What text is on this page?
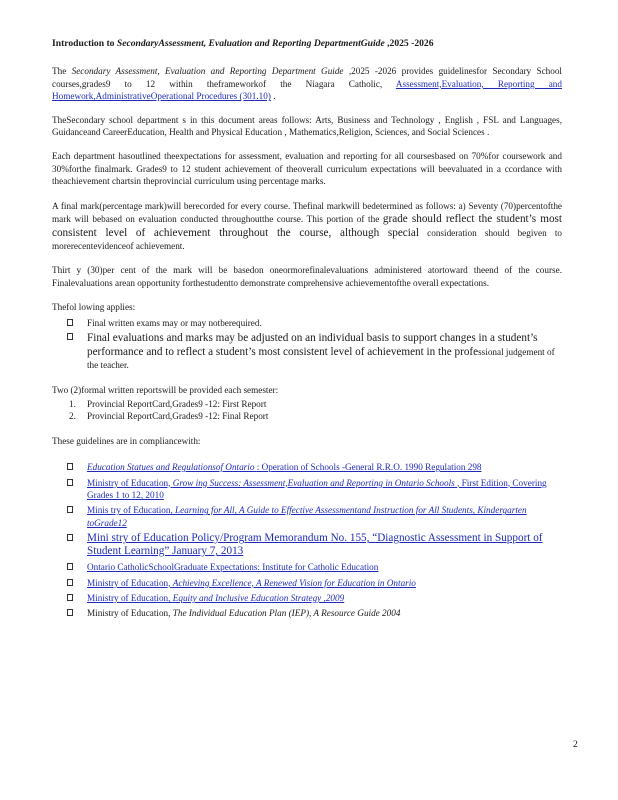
Introduction to SecondaryAssessment, Evaluation and Reporting DepartmentGuide ,2025 -2026

The Secondary Assessment, Evaluation and Reporting Department Guide ,2025 -2026 provides guidelinesfor Secondary School courses,grades9 to 12 within theframeworkof the Niagara Catholic, Assessment,Evaluation, Reporting and Homework,AdministrativeOperational Procedures (301.10) .

TheSecondary school department s in this document areas follows: Arts, Business and Technology , English , FSL and Languages, Guidanceand CareerEducation, Health and Physical Education , Mathematics,Religion, Sciences, and Social Sciences .

Each department hasoutlined theexpectations for assessment, evaluation and reporting for all coursesbased on 70%for coursework and 30%forthe finalmark. Grades9 to 12 student achievement of theoverall curriculum expectations will beevaluated in a ccordance with theachievement chartsin theprovincial curriculum using percentage marks.

A final mark(percentage mark)will berecorded for every course. Thefinal markwill bedetermined as follows: a) Seventy (70)percentofthe mark will bebased on evaluation conducted throughoutthe course. This portion of the grade should reflect the student’s most consistent level of achievement throughout the course, although special consideration should begiven to morerecentevidenceof achievement.

Thirt y (30)per cent of the mark will be basedon oneormorefinalevaluations administered atortoward theend of the course. Finalevaluations arean opportunity forthestudentto demonstrate comprehensive achievementofthe overall expectations.

Thefol lowing applies:
Final written exams may or may notberequired.
Final evaluations and marks may be adjusted on an individual basis to support changes in a student’s performance and to reflect a student’s most consistent level of achievement in the professional judgement of the teacher.
Two (2)formal written reportswill be provided each semester:
1. Provincial ReportCard,Grades9 -12: First Report
2. Provincial ReportCard,Grades9 -12: Final Report
These guidelines are in compliancewith:
Education Statues and Regulationsof Ontario : Operation of Schools -General R.R.O. 1990 Regulation 298
Ministry of Education, Grow ing Success: Assessment,Evaluation and Reporting in Ontario Schools , First Edition, Covering Grades 1 to 12, 2010
Minis try of Education, Learning for All, A Guide to Effective Assessmentand Instruction for All Students, Kindergarten toGrade12
Mini stry of Education Policy/Program Memorandum No. 155, “Diagnostic Assessment in Support of Student Learning” January 7, 2013
Ontario CatholicSchoolGraduate Expectations: Institute for Catholic Education
Ministry of Education, Achieving Excellence, A Renewed Vision for Education in Ontario
Ministry of Education, Equity and Inclusive Education Strategy ,2009
Ministry of Education, The Individual Education Plan (IEP), A Resource Guide 2004
2
